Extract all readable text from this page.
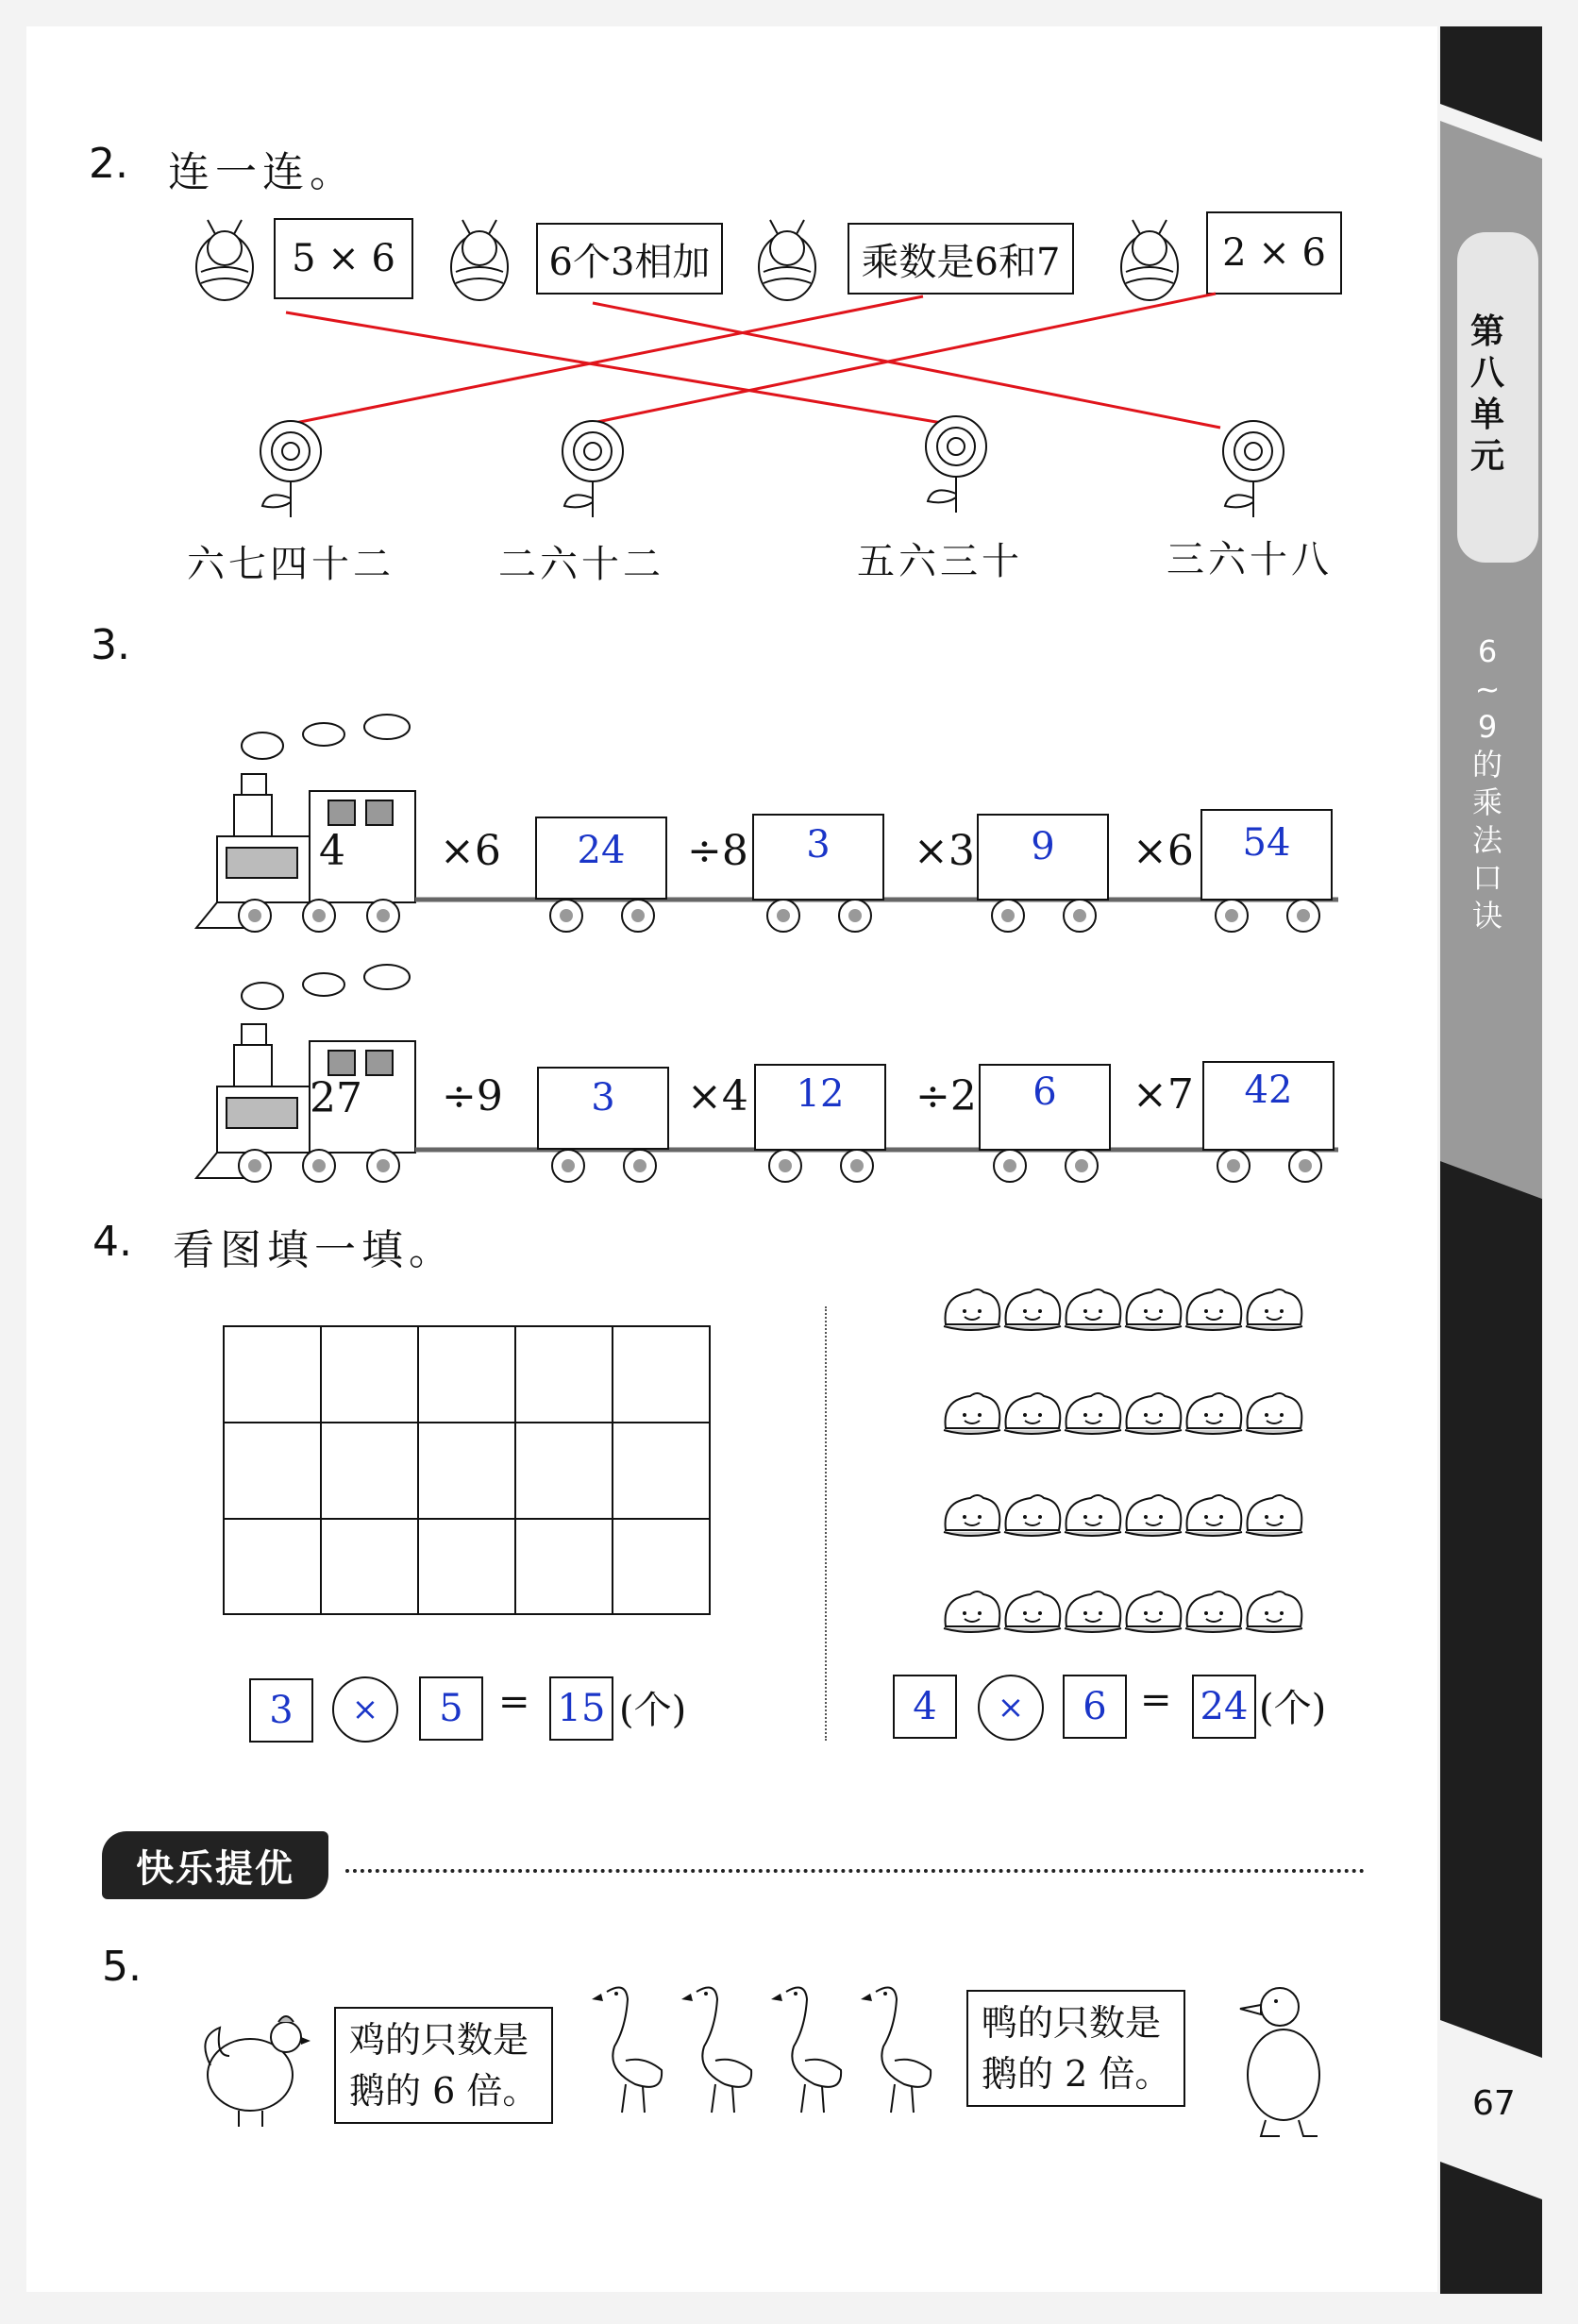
2. 连一连。
5 × 6	6个3相加	乘数是6和7	2 × 6
六七四十二	二六十二	五六三十	三六十八
3.
4 ×6	24	÷8	3	×3	9	×6	54
27 ÷9	3	×4	12	÷2	6	×7	42
4. 看图填一填。
3	×	5 = 15 (个)	4	×	6 = 24 (个)
快乐提优
5.
鸡的只数是
鹅的 6 倍。
鸭的只数是
鹅的 2 倍。
第八单元
6~9的乘法口诀
67
